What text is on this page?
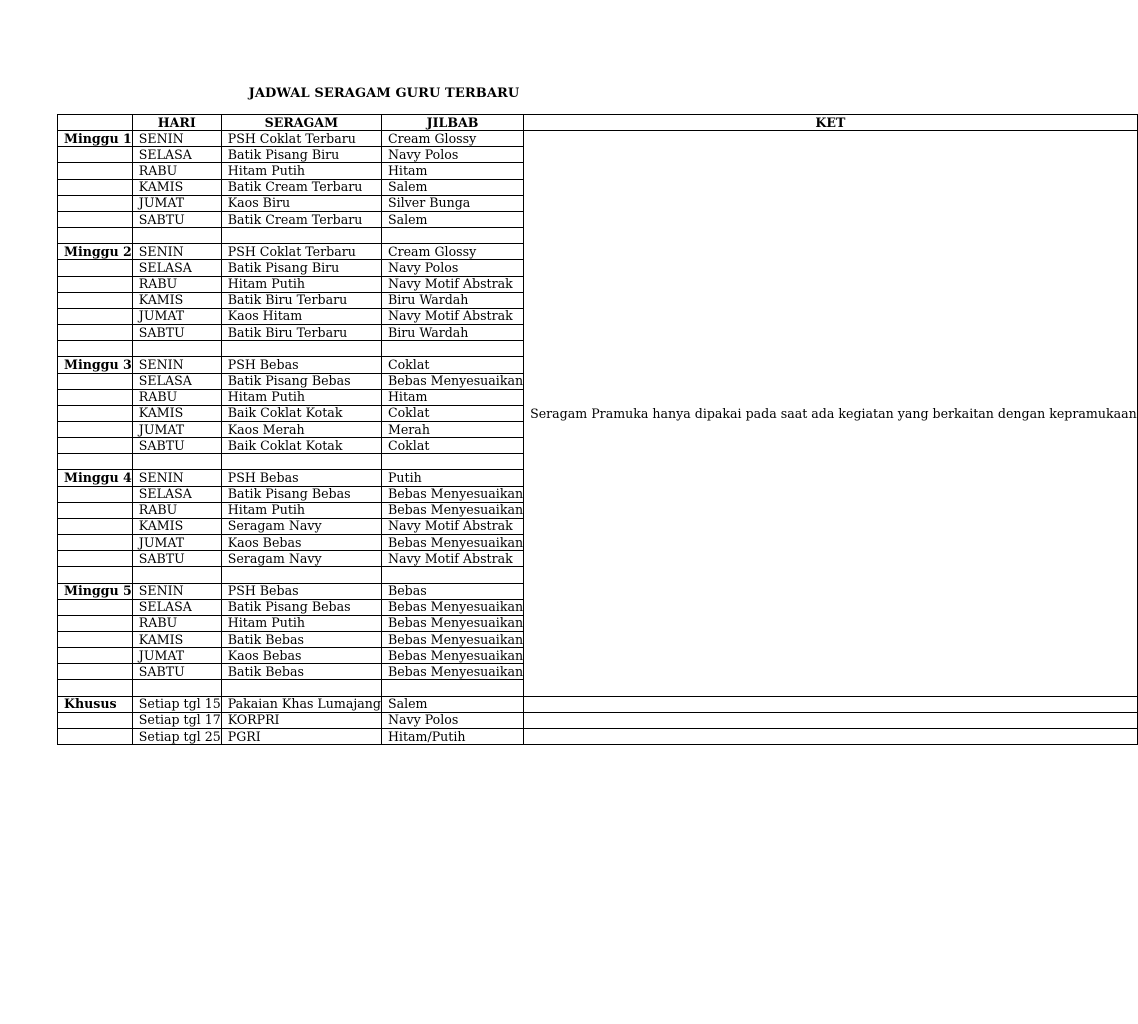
JADWAL SERAGAM GURU TERBARU
	HARI	SERAGAM	JILBAB	KET
Minggu 1	SENIN	PSH Coklat Terbaru	Cream Glossy	Seragam Pramuka hanya dipakai pada saat ada kegiatan yang berkaitan dengan kepramukaan
	SELASA	Batik Pisang Biru	Navy Polos	
	RABU	Hitam Putih	Hitam	
	KAMIS	Batik Cream Terbaru	Salem	
	JUMAT	Kaos Biru	Silver Bunga	
	SABTU	Batik Cream Terbaru	Salem	

Minggu 2	SENIN	PSH Coklat Terbaru	Cream Glossy	
	SELASA	Batik Pisang Biru	Navy Polos	
	RABU	Hitam Putih	Navy Motif Abstrak	
	KAMIS	Batik Biru Terbaru	Biru Wardah	
	JUMAT	Kaos Hitam	Navy Motif Abstrak	
	SABTU	Batik Biru Terbaru	Biru Wardah	

Minggu 3	SENIN	PSH Bebas	Coklat	
	SELASA	Batik Pisang Bebas	Bebas Menyesuaikan	
	RABU	Hitam Putih	Hitam	
	KAMIS	Baik Coklat Kotak	Coklat	
	JUMAT	Kaos Merah	Merah	
	SABTU	Baik Coklat Kotak	Coklat	

Minggu 4	SENIN	PSH Bebas	Putih	
	SELASA	Batik Pisang Bebas	Bebas Menyesuaikan	
	RABU	Hitam Putih	Bebas Menyesuaikan	
	KAMIS	Seragam Navy	Navy Motif Abstrak	
	JUMAT	Kaos Bebas	Bebas Menyesuaikan	
	SABTU	Seragam Navy	Navy Motif Abstrak	

Minggu 5	SENIN	PSH Bebas	Bebas	
	SELASA	Batik Pisang Bebas	Bebas Menyesuaikan	
	RABU	Hitam Putih	Bebas Menyesuaikan	
	KAMIS	Batik Bebas	Bebas Menyesuaikan	
	JUMAT	Kaos Bebas	Bebas Menyesuaikan	
	SABTU	Batik Bebas	Bebas Menyesuaikan	

Khusus	Setiap tgl 15	Pakaian Khas Lumajang	Salem	
	Setiap tgl 17	KORPRI	Navy Polos	
	Setiap tgl 25	PGRI	Hitam/Putih	
